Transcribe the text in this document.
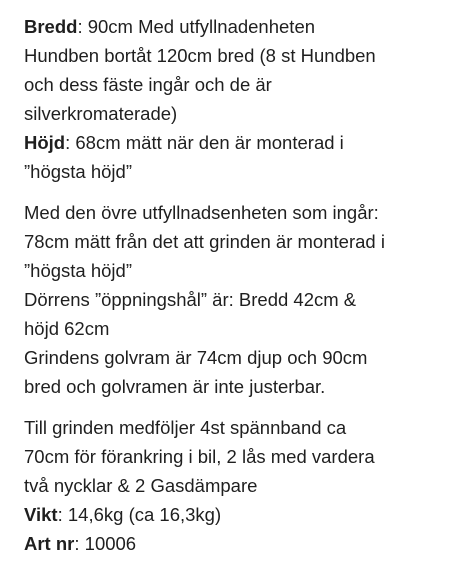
Bredd: 90cm Med utfyllnadenheten
Hundben bortåt 120cm bred (8 st Hundben
och dess fäste ingår och de är
silverkromaterade)
Höjd: 68cm mätt när den är monterad i
”högsta höjd”
Med den övre utfyllnadsenheten som ingår:
78cm mätt från det att grinden är monterad i
”högsta höjd”
Dörrens ”öppningshål” är: Bredd 42cm &
höjd 62cm
Grindens golvram är 74cm djup och 90cm
bred och golvramen är inte justerbar.
Till grinden medföljer 4st spännband ca
70cm för förankring i bil, 2 lås med vardera
två nycklar & 2 Gasdämpare
Vikt: 14,6kg (ca 16,3kg)
Art nr: 10006
